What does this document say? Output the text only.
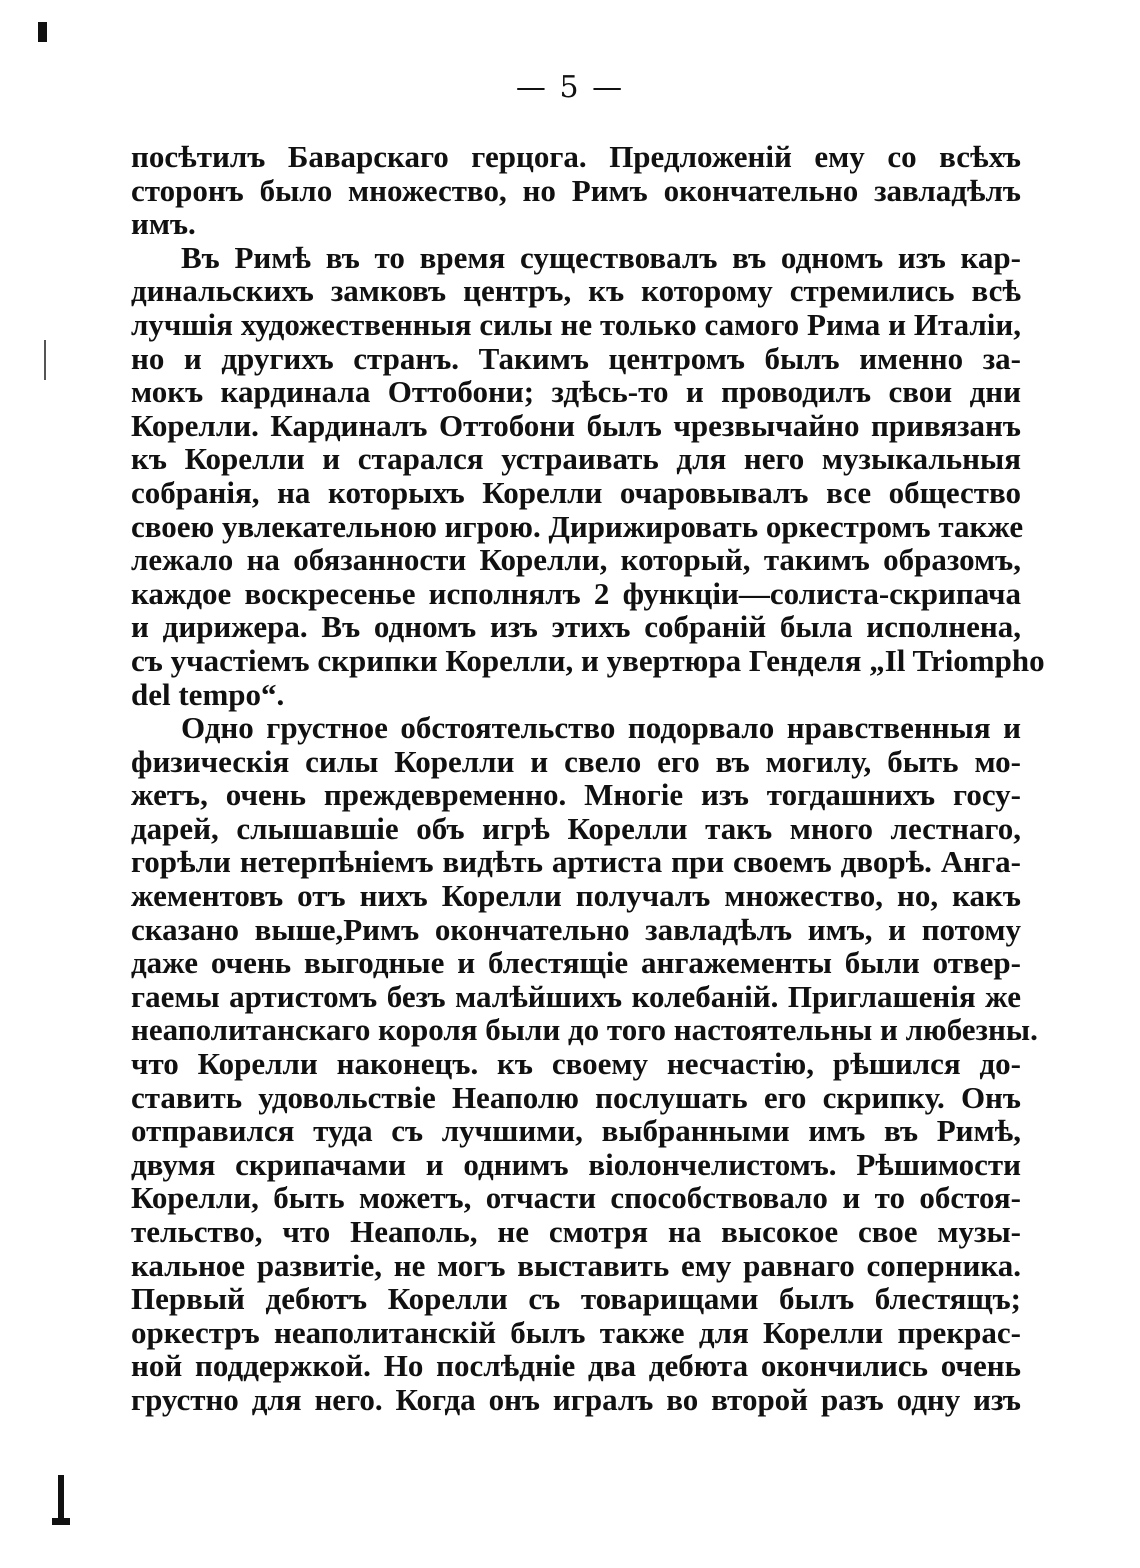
— 5 —
посѣтилъ Баварскаго герцога. Предложеній ему со всѣхъ
сторонъ было множество, но Римъ окончательно завладѣлъ
имъ.
Въ Римѣ въ то время существовалъ въ одномъ изъ кар-
динальскихъ замковъ центръ, къ которому стремились всѣ
лучшія художественныя силы не только самого Рима и Италіи,
но и другихъ странъ. Такимъ центромъ былъ именно за-
мокъ кардинала Оттобони; здѣсь-то и проводилъ свои дни
Корелли. Кардиналъ Оттобони былъ чрезвычайно привязанъ
къ Корелли и старался устраивать для него музыкальныя
собранія, на которыхъ Корелли очаровывалъ все общество
своею увлекательною игрою. Дирижировать оркестромъ также
лежало на обязанности Корелли, который, такимъ образомъ,
каждое воскресенье исполнялъ 2 функціи—солиста-скрипача
и дирижера. Въ одномъ изъ этихъ собраній была исполнена,
съ участіемъ скрипки Корелли, и увертюра Генделя „Il Triompho
del tempo“.
Одно грустное обстоятельство подорвало нравственныя и
физическія силы Корелли и свело его въ могилу, быть мо-
жетъ, очень преждевременно. Многіе изъ тогдашнихъ госу-
дарей, слышавшіе объ игрѣ Корелли такъ много лестнаго,
горѣли нетерпѣніемъ видѣть артиста при своемъ дворѣ. Анга-
жементовъ отъ нихъ Корелли получалъ множество, но, какъ
сказано выше,Римъ окончательно завладѣлъ имъ, и потому
даже очень выгодные и блестящіе ангажементы были отвер-
гаемы артистомъ безъ малѣйшихъ колебаній. Приглашенія же
неаполитанскаго короля были до того настоятельны и любезны.
что Корелли наконецъ. къ своему несчастію, рѣшился до-
ставить удовольствіе Неаполю послушать его скрипку. Онъ
отправился туда съ лучшими, выбранными имъ въ Римѣ,
двумя скрипачами и однимъ віолончелистомъ. Рѣшимости
Корелли, быть можетъ, отчасти способствовало и то обстоя-
тельство, что Неаполь, не смотря на высокое свое музы-
кальное развитіе, не могъ выставить ему равнаго соперника.
Первый дебютъ Корелли съ товарищами былъ блестящъ;
оркестръ неаполитанскій былъ также для Корелли прекрас-
ной поддержкой. Но послѣдніе два дебюта окончились очень
грустно для него. Когда онъ игралъ во второй разъ одну изъ
